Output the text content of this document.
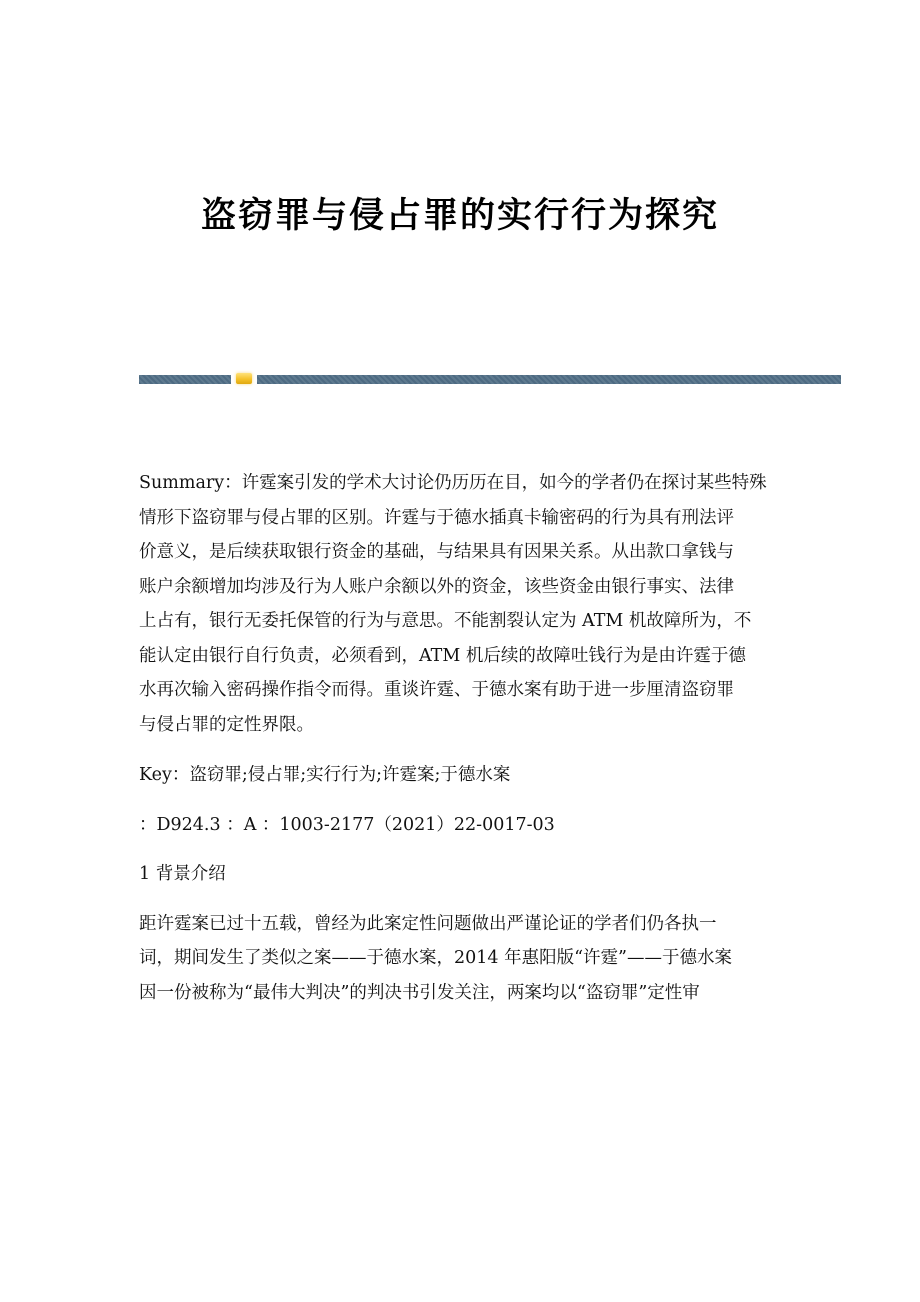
盗窃罪与侵占罪的实行行为探究

Summary：许霆案引发的学术大讨论仍历历在目，如今的学者仍在探讨某些特殊

情形下盗窃罪与侵占罪的区别。许霆与于德水插真卡输密码的行为具有刑法评

价意义，是后续获取银行资金的基础，与结果具有因果关系。从出款口拿钱与

账户余额增加均涉及行为人账户余额以外的资金，该些资金由银行事实、法律

上占有，银行无委托保管的行为与意思。不能割裂认定为 ATM 机故障所为，不

能认定由银行自行负责，必须看到，ATM 机后续的故障吐钱行为是由许霆于德

水再次输入密码操作指令而得。重谈许霆、于德水案有助于进一步厘清盗窃罪

与侵占罪的定性界限。

Key：盗窃罪;侵占罪;实行行为;许霆案;于德水案

：D924.3 ：A ：1003-2177（2021）22-0017-03

1 背景介绍

距许霆案已过十五载，曾经为此案定性问题做出严谨论证的学者们仍各执一

词，期间发生了类似之案——于德水案，2014 年惠阳版“许霆”——于德水案

因一份被称为“最伟大判决”的判决书引发关注，两案均以“盗窃罪”定性审
